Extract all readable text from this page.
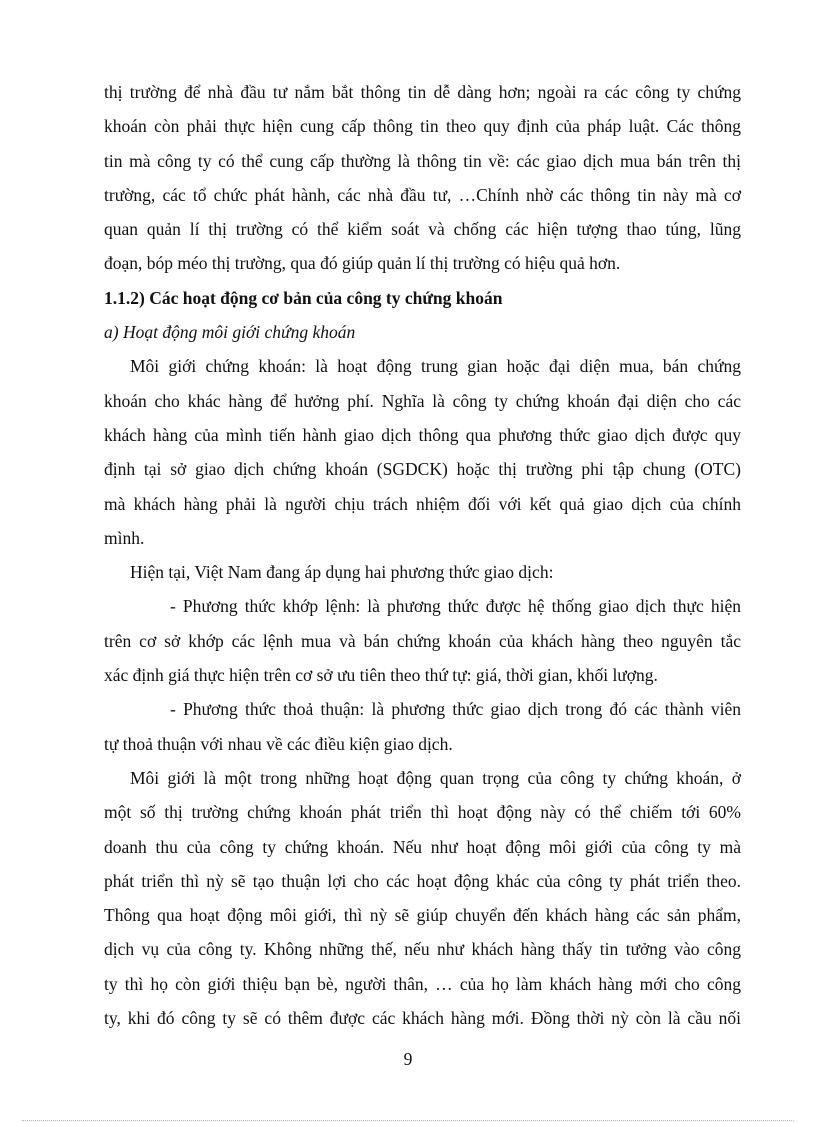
thị trường để nhà đầu tư nắm bắt thông tin dễ dàng hơn; ngoài ra các công ty chứng

khoán còn phải thực hiện cung cấp thông tin theo quy định của pháp luật. Các thông

tin mà công ty có thể cung cấp thường là thông tin về: các giao dịch mua bán trên thị

trường, các tổ chức phát hành, các nhà đầu tư, …Chính nhờ các thông tin này mà cơ

quan quản lí thị trường có thể kiểm soát và chống các hiện tượng thao túng, lũng

đoạn, bóp méo thị trường, qua đó giúp quản lí thị trường có hiệu quả hơn.

1.1.2) Các hoạt động cơ bản của công ty chứng khoán

a) Hoạt động môi giới chứng khoán

Môi giới chứng khoán: là hoạt động trung gian hoặc đại diện mua, bán chứng

khoán cho khác hàng để hưởng phí. Nghĩa là công ty chứng khoán đại diện cho các

khách hàng của mình tiến hành giao dịch thông qua phương thức giao dịch được quy

định tại sở giao dịch chứng khoán (SGDCK) hoặc thị trường phi tập chung (OTC)

mà khách hàng phải là người chịu trách nhiệm đối với kết quả giao dịch của chính

mình.

Hiện tại, Việt Nam đang áp dụng hai phương thức giao dịch:

- Phương thức khớp lệnh: là phương thức được hệ thống giao dịch thực hiện

trên cơ sở khớp các lệnh mua và bán chứng khoán của khách hàng theo nguyên tắc

xác định giá thực hiện trên cơ sở ưu tiên theo thứ tự: giá, thời gian, khối lượng.

- Phương thức thoả thuận: là phương thức giao dịch trong đó các thành viên

tự thoả thuận với nhau về các điều kiện giao dịch.

Môi giới là một trong những hoạt động quan trọng của công ty chứng khoán, ở

một số thị trường chứng khoán phát triển thì hoạt động này có thể chiếm tới 60%

doanh thu của công ty chứng khoán. Nếu như hoạt động môi giới của công ty mà

phát triển thì nỳ sẽ tạo thuận lợi cho các hoạt động khác của công ty phát triển theo.

Thông qua hoạt động môi giới, thì nỳ sẽ giúp chuyển đến khách hàng các sản phẩm,

dịch vụ của công ty. Không những thế, nếu như khách hàng thấy tin tưởng vào công

ty thì họ còn giới thiệu bạn bè, người thân, … của họ làm khách hàng mới cho công

ty, khi đó công ty sẽ có thêm được các khách hàng mới. Đồng thời nỳ còn là cầu nối

9
